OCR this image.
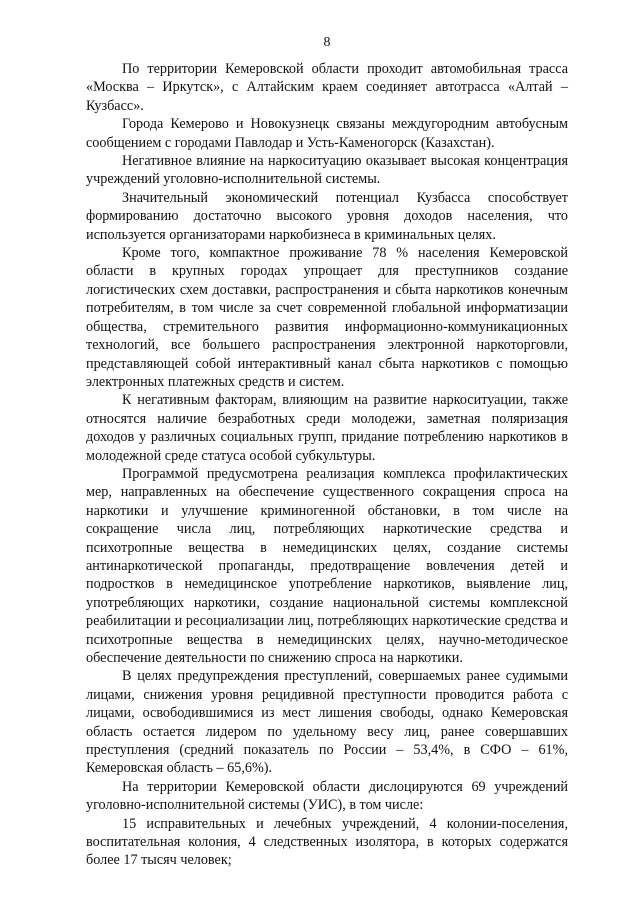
8

По территории Кемеровской области проходит автомобильная трасса «Москва – Иркутск», с Алтайским краем соединяет автотрасса «Алтай – Кузбасс».

Города Кемерово и Новокузнецк связаны междугородним автобусным сообщением с городами Павлодар и Усть-Каменогорск (Казахстан).

Негативное влияние на наркоситуацию оказывает высокая концентрация учреждений уголовно-исполнительной системы.

Значительный экономический потенциал Кузбасса способствует формированию достаточно высокого уровня доходов населения, что используется организаторами наркобизнеса в криминальных целях.

Кроме того, компактное проживание 78 % населения Кемеровской области в крупных городах упрощает для преступников создание логистических схем доставки, распространения и сбыта наркотиков конечным потребителям, в том числе за счет современной глобальной информатизации общества, стремительного развития информационно-коммуникационных технологий, все большего распространения электронной наркоторговли, представляющей собой интерактивный канал сбыта наркотиков с помощью электронных платежных средств и систем.

К негативным факторам, влияющим на развитие наркоситуации, также относятся наличие безработных среди молодежи, заметная поляризация доходов у различных социальных групп, придание потреблению наркотиков в молодежной среде статуса особой субкультуры.

Программой предусмотрена реализация комплекса профилактических мер, направленных на обеспечение существенного сокращения спроса на наркотики и улучшение криминогенной обстановки, в том числе на сокращение числа лиц, потребляющих наркотические средства и психотропные вещества в немедицинских целях, создание системы антинаркотической пропаганды, предотвращение вовлечения детей и подростков в немедицинское употребление наркотиков, выявление лиц, употребляющих наркотики, создание национальной системы комплексной реабилитации и ресоциализации лиц, потребляющих наркотические средства и психотропные вещества в немедицинских целях, научно-методическое обеспечение деятельности по снижению спроса на наркотики.

В целях предупреждения преступлений, совершаемых ранее судимыми лицами, снижения уровня рецидивной преступности проводится работа с лицами, освободившимися из мест лишения свободы, однако Кемеровская область остается лидером по удельному весу лиц, ранее совершавших преступления (средний показатель по России – 53,4%, в СФО – 61%, Кемеровская область – 65,6%).

На территории Кемеровской области дислоцируются 69 учреждений уголовно-исполнительной системы (УИС), в том числе:

15 исправительных и лечебных учреждений, 4 колонии-поселения, воспитательная колония, 4 следственных изолятора, в которых содержатся более 17 тысяч человек;
